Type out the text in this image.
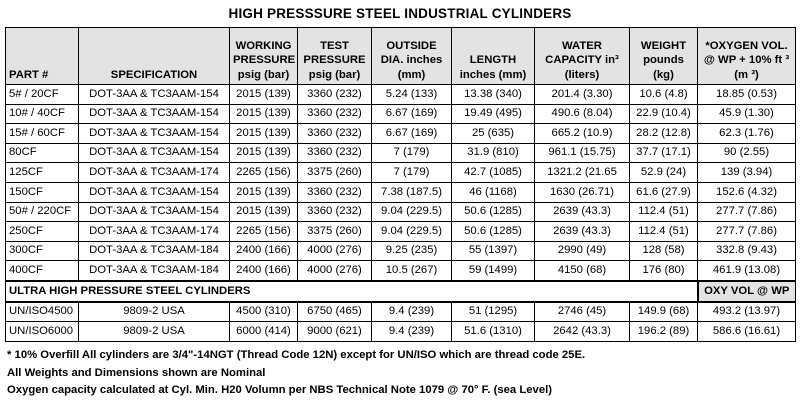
HIGH PRESSSURE STEEL INDUSTRIAL CYLINDERS
PART #	SPECIFICATION	WORKING PRESSURE psig (bar)	TEST PRESSURE psig (bar)	OUTSIDE DIA. inches (mm)	LENGTH inches (mm)	WATER CAPACITY in³ (liters)	WEIGHT pounds (kg)	*OXYGEN VOL. @ WP + 10% ft ³ (m ³)
5# / 20CF	DOT-3AA & TC3AAM-154	2015 (139)	3360 (232)	5.24 (133)	13.38 (340)	201.4 (3.30)	10.6 (4.8)	18.85 (0.53)
10# / 40CF	DOT-3AA & TC3AAM-154	2015 (139)	3360 (232)	6.67 (169)	19.49 (495)	490.6 (8.04)	22.9 (10.4)	45.9 (1.30)
15# / 60CF	DOT-3AA & TC3AAM-154	2015 (139)	3360 (232)	6.67 (169)	25 (635)	665.2 (10.9)	28.2 (12.8)	62.3 (1.76)
80CF	DOT-3AA & TC3AAM-154	2015 (139)	3360 (232)	7 (179)	31.9 (810)	961.1 (15.75)	37.7 (17.1)	90 (2.55)
125CF	DOT-3AA & TC3AAM-174	2265 (156)	3375 (260)	7 (179)	42.7 (1085)	1321.2 (21.65	52.9 (24)	139 (3.94)
150CF	DOT-3AA & TC3AAM-154	2015 (139)	3360 (232)	7.38 (187.5)	46 (1168)	1630 (26.71)	61.6 (27.9)	152.6 (4.32)
50# / 220CF	DOT-3AA & TC3AAM-154	2015 (139)	3360 (232)	9.04 (229.5)	50.6 (1285)	2639 (43.3)	112.4 (51)	277.7 (7.86)
250CF	DOT-3AA & TC3AAM-174	2265 (156)	3375 (260)	9.04 (229.5)	50.6 (1285)	2639 (43.3)	112.4 (51)	277.7 (7.86)
300CF	DOT-3AA & TC3AAM-184	2400 (166)	4000 (276)	9.25 (235)	55 (1397)	2990 (49)	128 (58)	332.8 (9.43)
400CF	DOT-3AA & TC3AAM-184	2400 (166)	4000 (276)	10.5 (267)	59 (1499)	4150 (68)	176 (80)	461.9 (13.08)
ULTRA HIGH PRESSURE STEEL CYLINDERS								OXY VOL @ WP
UN/ISO4500	9809-2 USA	4500 (310)	6750 (465)	9.4 (239)	51 (1295)	2746 (45)	149.9 (68)	493.2 (13.97)
UN/ISO6000	9809-2 USA	6000 (414)	9000 (621)	9.4 (239)	51.6 (1310)	2642 (43.3)	196.2 (89)	586.6 (16.61)
* 10% Overfill All cylinders are 3/4"-14NGT (Thread Code 12N) except for UN/ISO which are thread code 25E.
All Weights and Dimensions shown are Nominal
Oxygen capacity calculated at Cyl. Min. H20 Volumn per NBS Technical Note 1079 @ 70° F. (sea Level)
